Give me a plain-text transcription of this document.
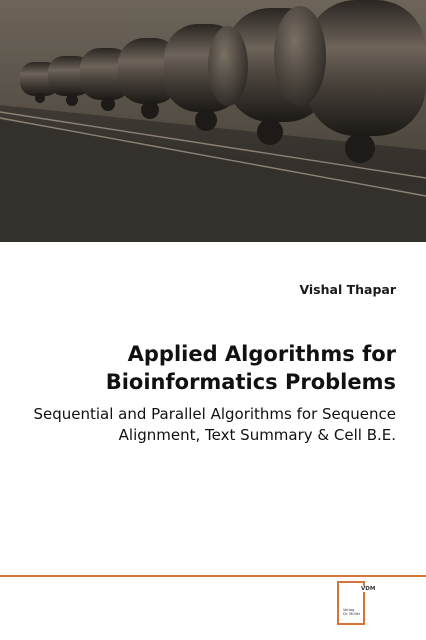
Vishal Thapar
Applied Algorithms for
Bioinformatics Problems
Sequential and Parallel Algorithms for Sequence Alignment, Text Summary & Cell B.E.
VDM
Verlag
Dr. Müller
